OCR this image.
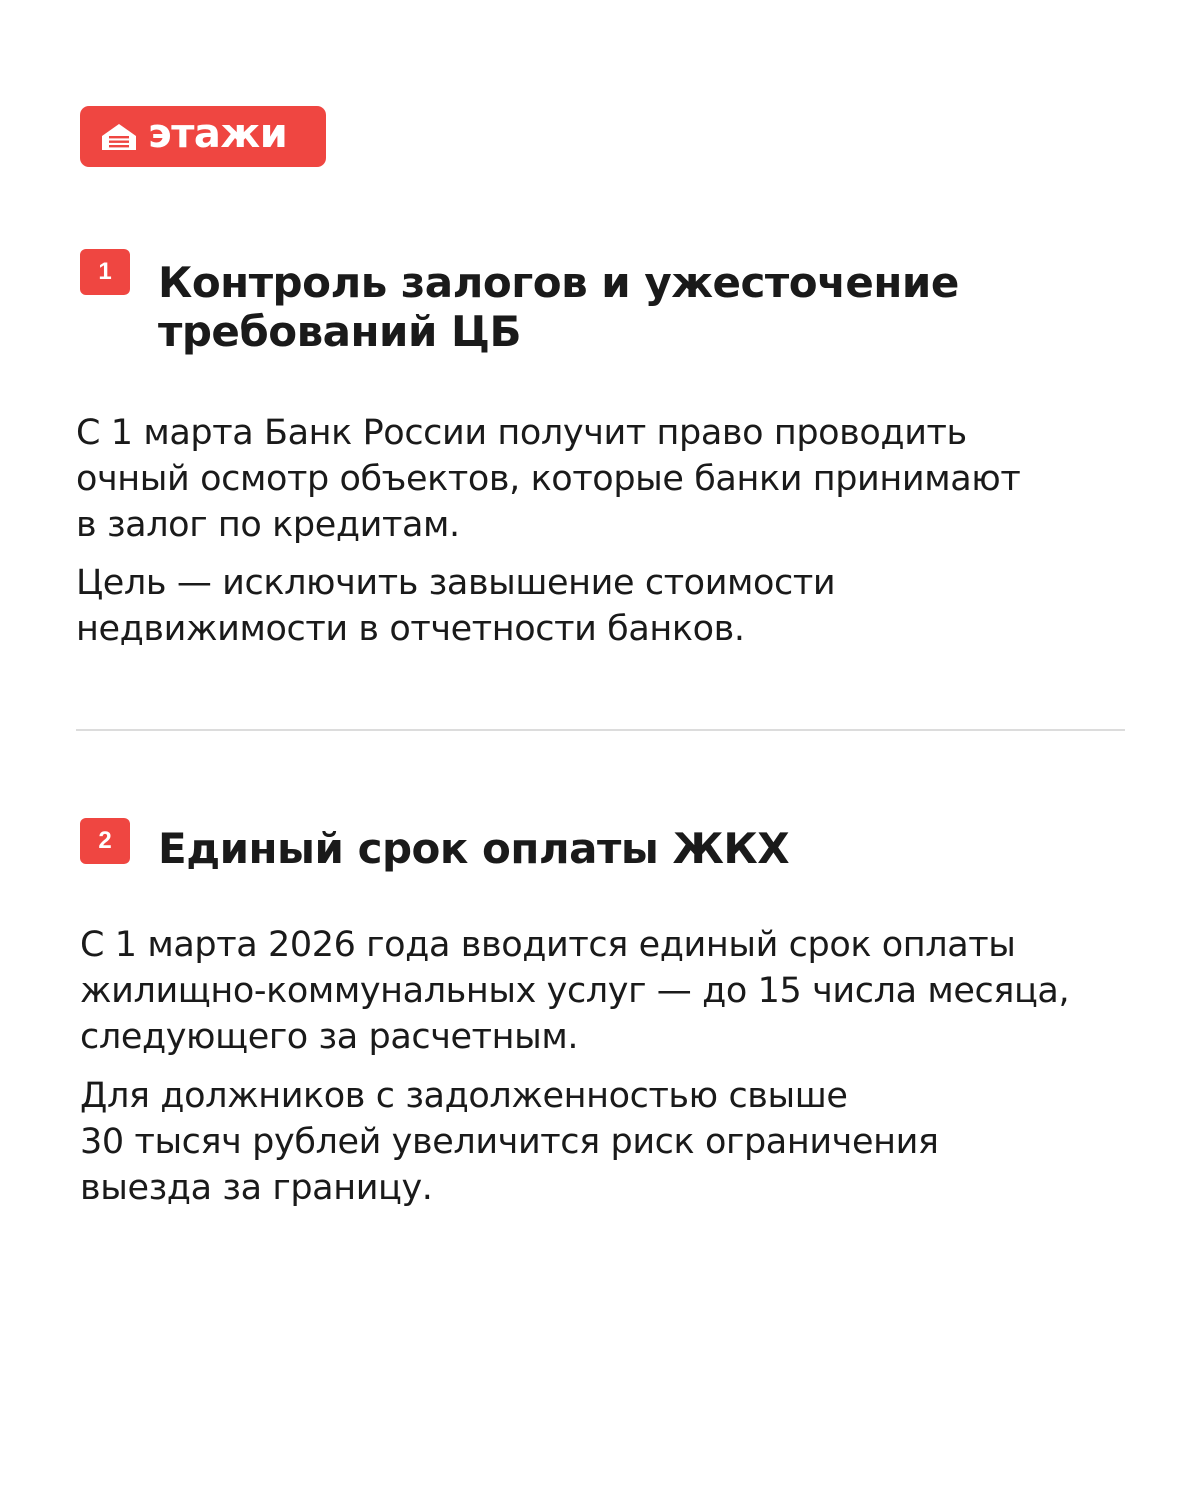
этажи
1	Контроль залогов и ужесточение
требований ЦБ

С 1 марта Банк России получит право проводить
очный осмотр объектов, которые банки принимают
в залог по кредитам.

Цель — исключить завышение стоимости
недвижимости в отчетности банков.

2	Единый срок оплаты ЖКХ

С 1 марта 2026 года вводится единый срок оплаты
жилищно-коммунальных услуг — до 15 числа месяца,
следующего за расчетным.

Для должников с задолженностью свыше
30 тысяч рублей увеличится риск ограничения
выезда за границу.
